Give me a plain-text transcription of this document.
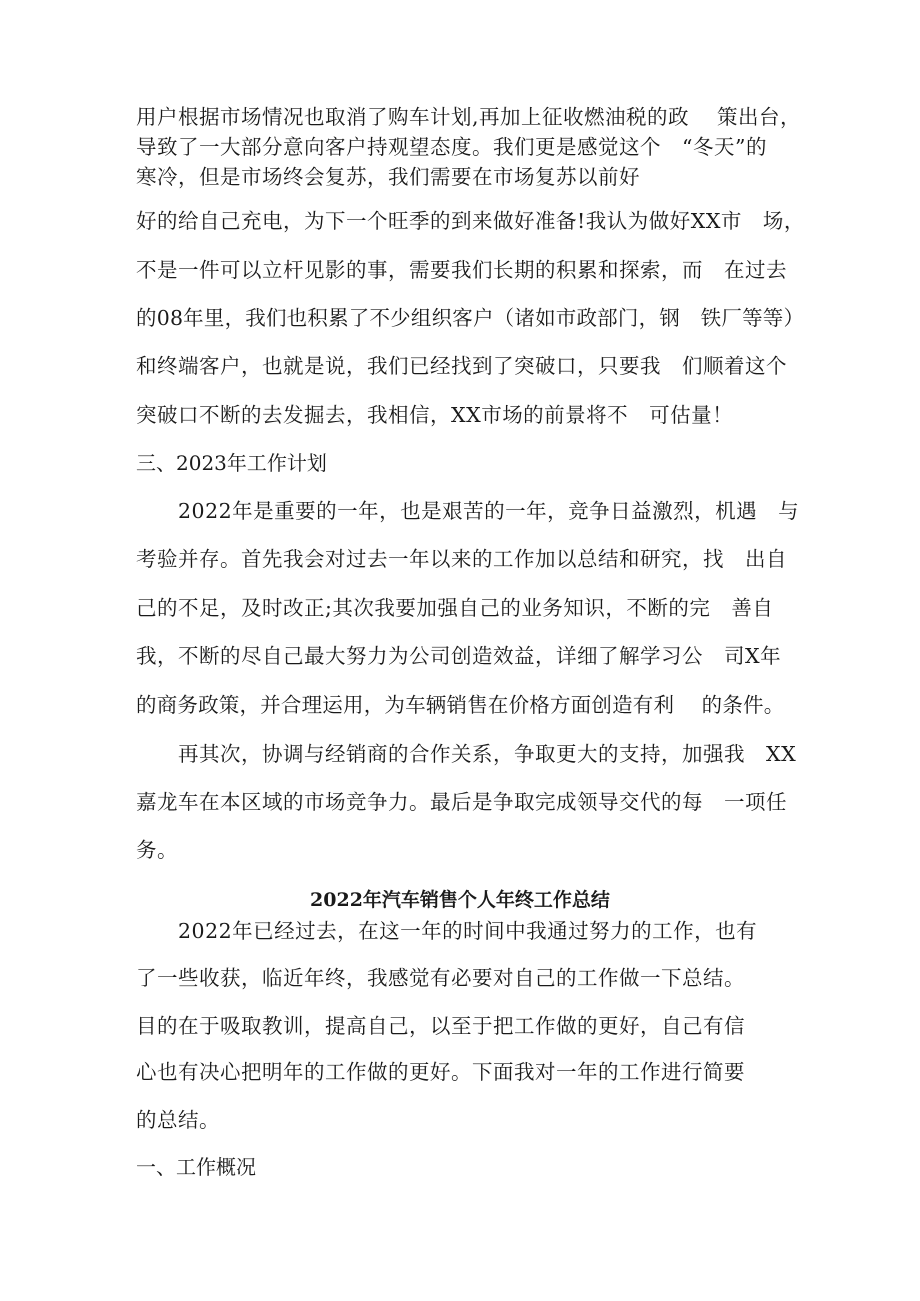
用户根据市场情况也取消了购车计划,再加上征收燃油税的政　 策出台，
导致了一大部分意向客户持观望态度。我们更是感觉这个　“冬天”的
寒冷，但是市场终会复苏，我们需要在市场复苏以前好
好的给自己充电，为下一个旺季的到来做好准备!我认为做好XX市　场，
不是一件可以立杆见影的事，需要我们长期的积累和探索，而　在过去
的08年里，我们也积累了不少组织客户（诸如市政部门，钢　铁厂等等）
和终端客户，也就是说，我们已经找到了突破口，只要我　们顺着这个
突破口不断的去发掘去，我相信，XX市场的前景将不　可估量！
三、2023年工作计划
　　2022年是重要的一年，也是艰苦的一年，竞争日益激烈，机遇　与
考验并存。首先我会对过去一年以来的工作加以总结和研究，找　出自
己的不足，及时改正;其次我要加强自己的业务知识，不断的完　善自
我，不断的尽自己最大努力为公司创造效益，详细了解学习公　司X年
的商务政策，并合理运用，为车辆销售在价格方面创造有利　 的条件。
　　再其次，协调与经销商的合作关系，争取更大的支持，加强我　XX
嘉龙车在本区域的市场竞争力。最后是争取完成领导交代的每　一项任
务。
2022年汽车销售个人年终工作总结
　　2022年已经过去，在这一年的时间中我通过努力的工作，也有
了一些收获，临近年终，我感觉有必要对自己的工作做一下总结。
目的在于吸取教训，提高自己，以至于把工作做的更好，自己有信
心也有决心把明年的工作做的更好。下面我对一年的工作进行简要
的总结。
一、工作概况
